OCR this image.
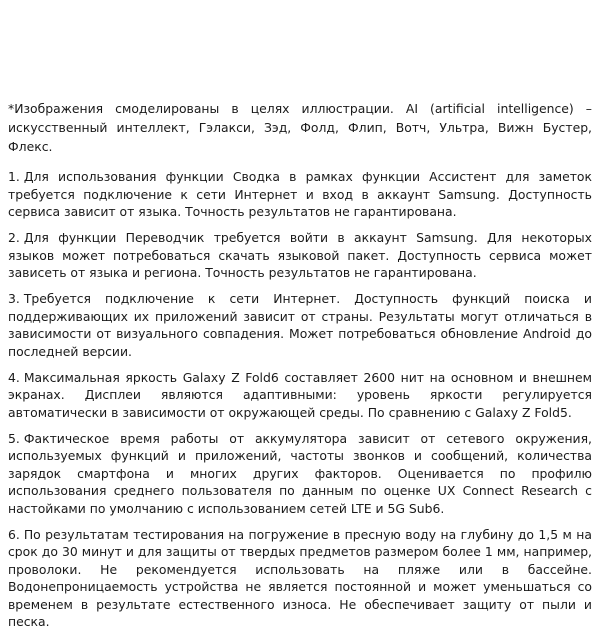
*Изображения смоделированы в целях иллюстрации. AI (artificial intelligence) – искусственный интеллект, Гэлакси, Зэд, Фолд, Флип, Вотч, Ультра, Вижн Бустер, Флекс.

1. Для использования функции Сводка в рамках функции Ассистент для заметок требуется подключение к сети Интернет и вход в аккаунт Samsung. Доступность сервиса зависит от языка. Точность результатов не гарантирована.
2. Для функции Переводчик требуется войти в аккаунт Samsung. Для некоторых языков может потребоваться скачать языковой пакет. Доступность сервиса может зависеть от языка и региона. Точность результатов не гарантирована.
3. Требуется подключение к сети Интернет. Доступность функций поиска и поддерживающих их приложений зависит от страны. Результаты могут отличаться в зависимости от визуального совпадения. Может потребоваться обновление Android до последней версии.
4. Максимальная яркость Galaxy Z Fold6 составляет 2600 нит на основном и внешнем экранах. Дисплеи являются адаптивными: уровень яркости регулируется автоматически в зависимости от окружающей среды. По сравнению с Galaxy Z Fold5.
5. Фактическое время работы от аккумулятора зависит от сетевого окружения, используемых функций и приложений, частоты звонков и сообщений, количества зарядок смартфона и многих других факторов. Оценивается по профилю использования среднего пользователя по данным по оценке UX Connect Research с настойками по умолчанию с использованием сетей LTE и 5G Sub6.
6. По результатам тестирования на погружение в пресную воду на глубину до 1,5 м на срок до 30 минут и для защиты от твердых предметов размером более 1 мм, например, проволоки. Не рекомендуется использовать на пляже или в бассейне. Водонепроницаемость устройства не является постоянной и может уменьшаться со временем в результате естественного износа. Не обеспечивает защиту от пыли и песка.
